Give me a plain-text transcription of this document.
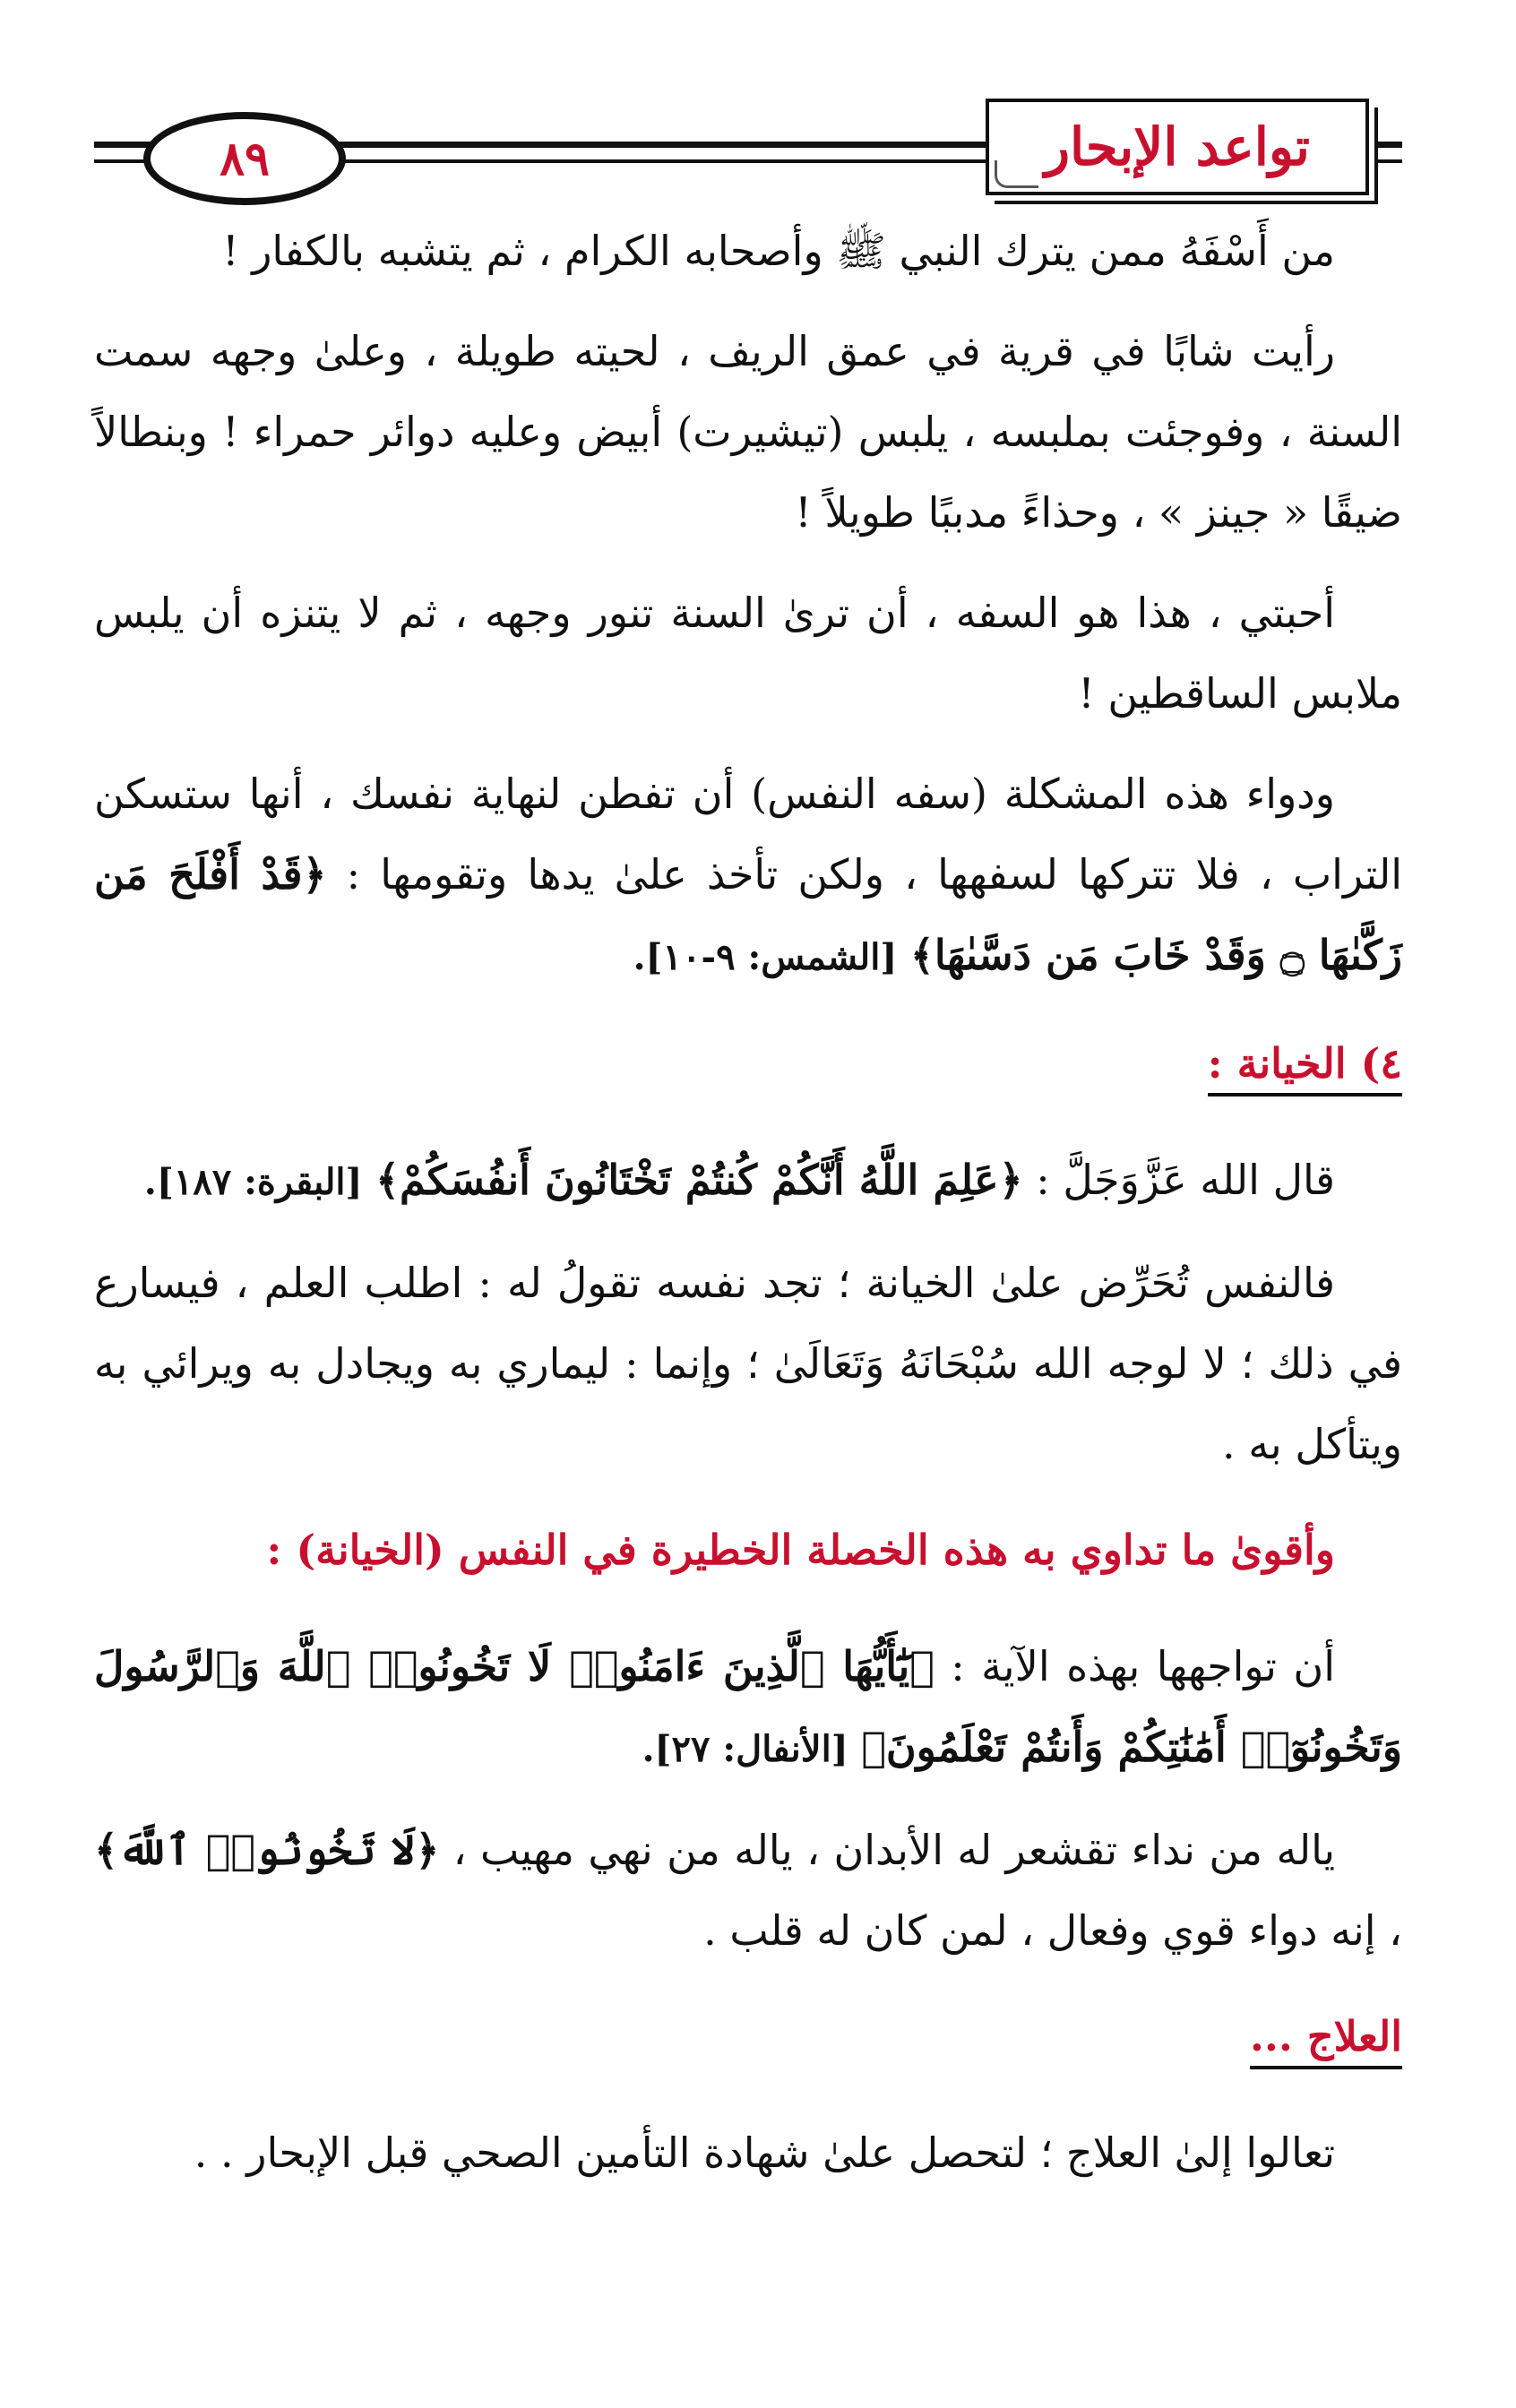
٨٩	تواعد الإبحار

من أَسْفَهُ ممن يترك النبي ﷺ وأصحابه الكرام ، ثم يتشبه بالكفار !

رأيت شابًا في قرية في عمق الريف ، لحيته طويلة ، وعلىٰ وجهه سمت السنة ، وفوجئت بملبسه ، يلبس (تيشيرت) أبيض وعليه دوائر حمراء ! وبنطالاً ضيقًا « جينز » ، وحذاءً مدببًا طويلاً !

أحبتي ، هذا هو السفه ، أن ترىٰ السنة تنور وجهه ، ثم لا يتنزه أن يلبس ملابس الساقطين !

ودواء هذه المشكلة (سفه النفس) أن تفطن لنهاية نفسك ، أنها ستسكن التراب ، فلا تتركها لسفهها ، ولكن تأخذ علىٰ يدها وتقومها : ﴿قَدْ أَفْلَحَ مَن زَكَّىٰهَا ۝ وَقَدْ خَابَ مَن دَسَّىٰهَا﴾ [الشمس: ٩-١٠].

٤) الخيانة :

قال الله عَزَّوَجَلَّ : ﴿عَلِمَ اللَّهُ أَنَّكُمْ كُنتُمْ تَخْتَانُونَ أَنفُسَكُمْ﴾ [البقرة: ١٨٧].

فالنفس تُحَرِّض علىٰ الخيانة ؛ تجد نفسه تقولُ له : اطلب العلم ، فيسارع في ذلك ؛ لا لوجه الله سُبْحَانَهُ وَتَعَالَىٰ ؛ وإنما : ليماري به ويجادل به ويرائي به ويتأكل به .

وأقوىٰ ما تداوي به هذه الخصلة الخطيرة في النفس (الخيانة) :

أن تواجهها بهذه الآية : ﴿يَٰٓأَيُّهَا ٱلَّذِينَ ءَامَنُوا۟ لَا تَخُونُوا۟ ٱللَّهَ وَٱلرَّسُولَ وَتَخُونُوٓا۟ أَمَٰنَٰتِكُمْ وَأَنتُمْ تَعْلَمُونَ﴾ [الأنفال: ٢٧].

ياله من نداء تقشعر له الأبدان ، ياله من نهي مهيب ، ﴿لَا تَخُونُوا۟ ٱللَّهَ﴾ ، إنه دواء قوي وفعال ، لمن كان له قلب .

العلاج ...

تعالوا إلىٰ العلاج ؛ لتحصل علىٰ شهادة التأمين الصحي قبل الإبحار . .
